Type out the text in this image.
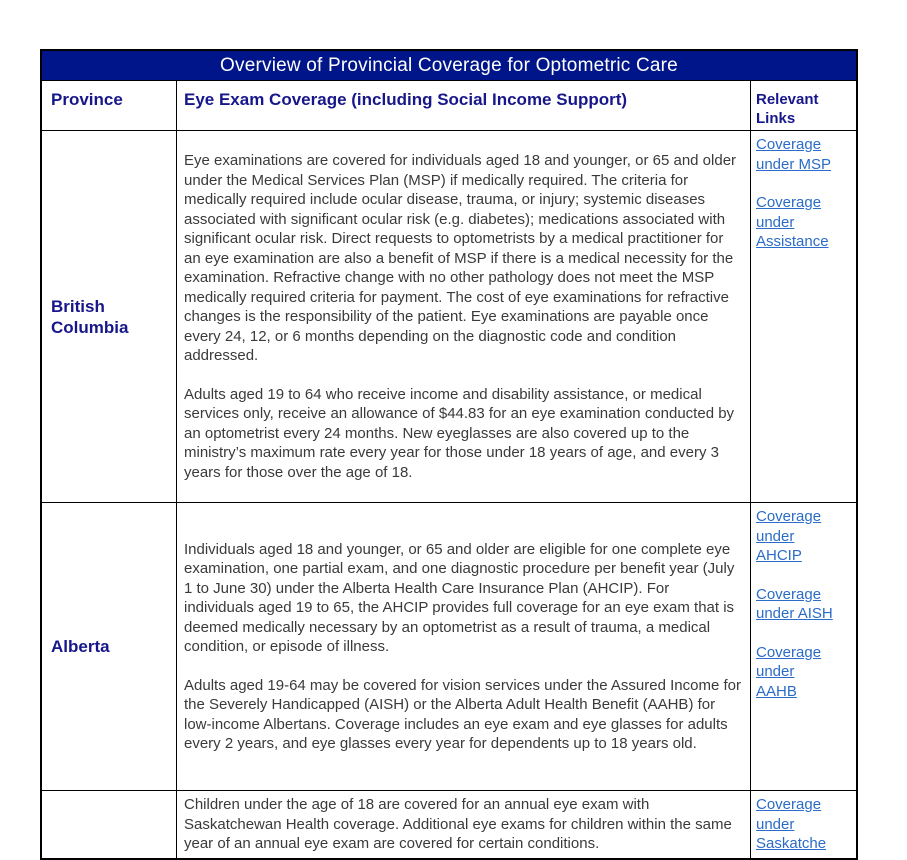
Overview of Provincial Coverage for Optometric Care
Province	Eye Exam Coverage (including Social Income Support)	Relevant Links
British Columbia

Eye examinations are covered for individuals aged 18 and younger, or 65 and older under the Medical Services Plan (MSP) if medically required. The criteria for medically required include ocular disease, trauma, or injury; systemic diseases associated with significant ocular risk (e.g. diabetes); medications associated with significant ocular risk. Direct requests to optometrists by a medical practitioner for an eye examination are also a benefit of MSP if there is a medical necessity for the examination. Refractive change with no other pathology does not meet the MSP medically required criteria for payment. The cost of eye examinations for refractive changes is the responsibility of the patient. Eye examinations are payable once every 24, 12, or 6 months depending on the diagnostic code and condition addressed.

Adults aged 19 to 64 who receive income and disability assistance, or medical services only, receive an allowance of $44.83 for an eye examination conducted by an optometrist every 24 months. New eyeglasses are also covered up to the ministry’s maximum rate every year for those under 18 years of age, and every 3 years for those over the age of 18.

Coverage under MSP
Coverage under Assistance
Alberta

Individuals aged 18 and younger, or 65 and older are eligible for one complete eye examination, one partial exam, and one diagnostic procedure per benefit year (July 1 to June 30) under the Alberta Health Care Insurance Plan (AHCIP). For individuals aged 19 to 65, the AHCIP provides full coverage for an eye exam that is deemed medically necessary by an optometrist as a result of trauma, a medical condition, or episode of illness.

Adults aged 19-64 may be covered for vision services under the Assured Income for the Severely Handicapped (AISH) or the Alberta Adult Health Benefit (AAHB) for low-income Albertans. Coverage includes an eye exam and eye glasses for adults every 2 years, and eye glasses every year for dependents up to 18 years old.

Coverage under AHCIP
Coverage under AISH
Coverage under AAHB

Children under the age of 18 are covered for an annual eye exam with Saskatchewan Health coverage. Additional eye exams for children within the same year of an annual eye exam are covered for certain conditions.

Coverage under Saskatche
